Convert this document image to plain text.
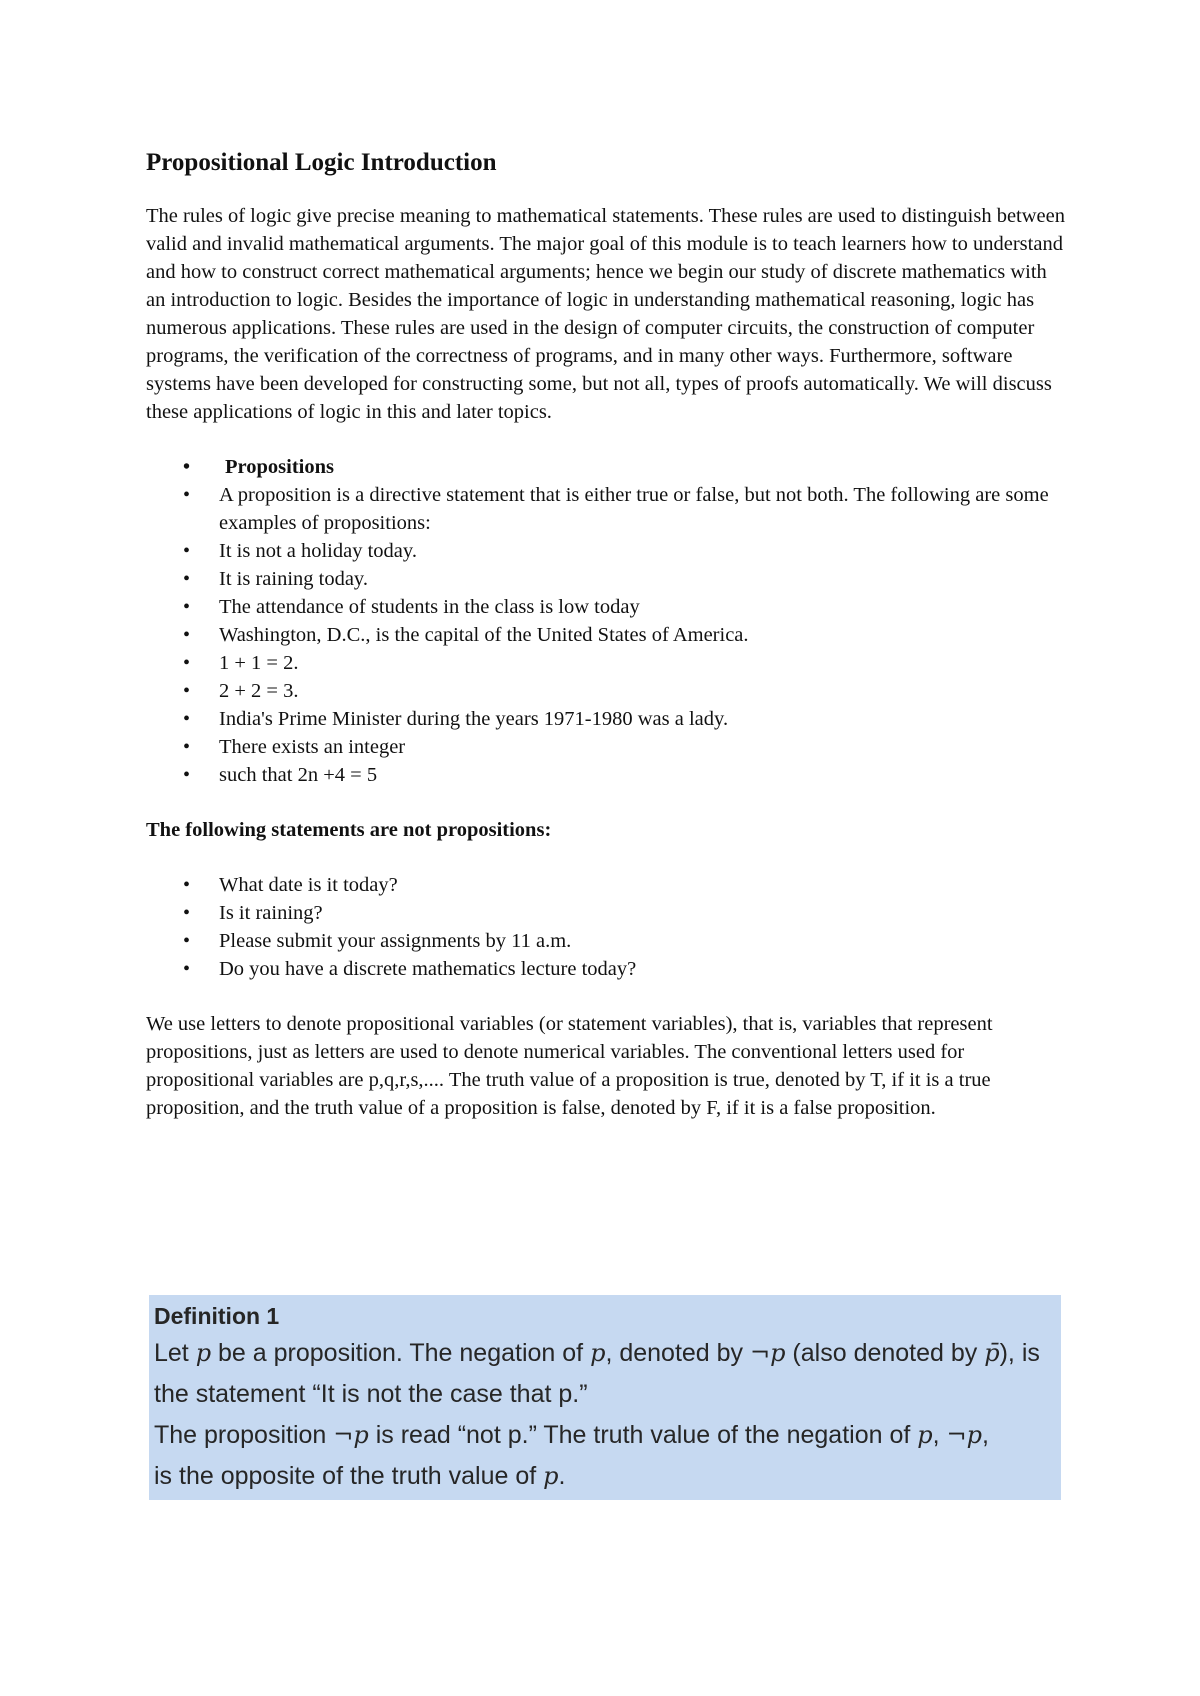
Propositional Logic Introduction

The rules of logic give precise meaning to mathematical statements. These rules are used to distinguish between valid and invalid mathematical arguments. The major goal of this module is to teach learners how to understand and how to construct correct mathematical arguments; hence we begin our study of discrete mathematics with an introduction to logic. Besides the importance of logic in understanding mathematical reasoning, logic has numerous applications. These rules are used in the design of computer circuits, the construction of computer programs, the verification of the correctness of programs, and in many other ways. Furthermore, software systems have been developed for constructing some, but not all, types of proofs automatically. We will discuss these applications of logic in this and later topics.

• Propositions
• A proposition is a directive statement that is either true or false, but not both. The following are some examples of propositions:
• It is not a holiday today.
• It is raining today.
• The attendance of students in the class is low today
• Washington, D.C., is the capital of the United States of America.
• 1 + 1 = 2.
• 2 + 2 = 3.
• India's Prime Minister during the years 1971-1980 was a lady.
• There exists an integer
• such that 2n +4 = 5

The following statements are not propositions:

• What date is it today?
• Is it raining?
• Please submit your assignments by 11 a.m.
• Do you have a discrete mathematics lecture today?

We use letters to denote propositional variables (or statement variables), that is, variables that represent propositions, just as letters are used to denote numerical variables. The conventional letters used for propositional variables are p,q,r,s,.... The truth value of a proposition is true, denoted by T, if it is a true proposition, and the truth value of a proposition is false, denoted by F, if it is a false proposition.

Definition 1
Let p be a proposition. The negation of p, denoted by ¬p (also denoted by p̄), is the statement “It is not the case that p.”
The proposition ¬p is read “not p.” The truth value of the negation of p, ¬p,
is the opposite of the truth value of p.
